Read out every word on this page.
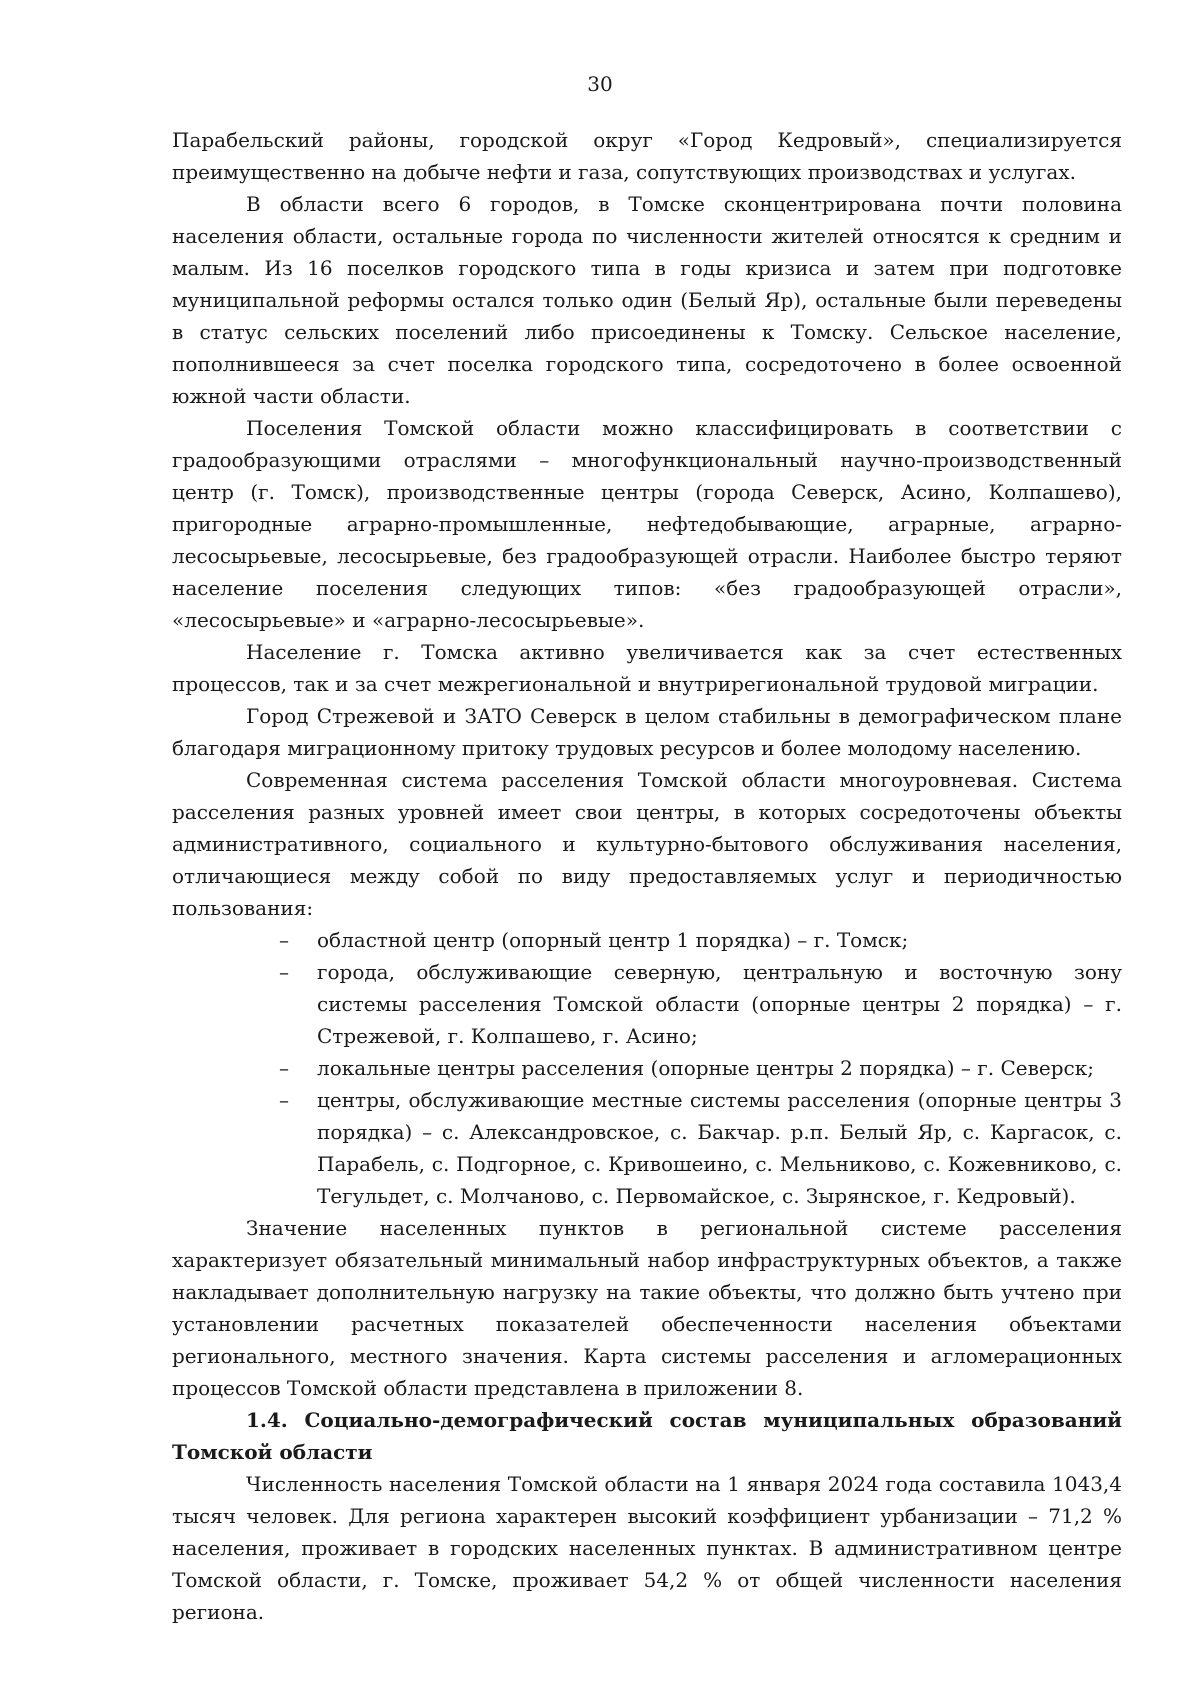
30

Парабельский районы, городской округ «Город Кедровый», специализируется преимущественно на добыче нефти и газа, сопутствующих производствах и услугах.

В области всего 6 городов, в Томске сконцентрирована почти половина населения области, остальные города по численности жителей относятся к средним и малым. Из 16 поселков городского типа в годы кризиса и затем при подготовке муниципальной реформы остался только один (Белый Яр), остальные были переведены в статус сельских поселений либо присоединены к Томску. Сельское население, пополнившееся за счет поселка городского типа, сосредоточено в более освоенной южной части области.

Поселения Томской области можно классифицировать в соответствии с градообразующими отраслями – многофункциональный научно-производственный центр (г. Томск), производственные центры (города Северск, Асино, Колпашево), пригородные аграрно-промышленные, нефтедобывающие, аграрные, аграрно-лесосырьевые, лесосырьевые, без градообразующей отрасли. Наиболее быстро теряют население поселения следующих типов: «без градообразующей отрасли», «лесосырьевые» и «аграрно-лесосырьевые».

Население г. Томска активно увеличивается как за счет естественных процессов, так и за счет межрегиональной и внутрирегиональной трудовой миграции.

Город Стрежевой и ЗАТО Северск в целом стабильны в демографическом плане благодаря миграционному притоку трудовых ресурсов и более молодому населению.

Современная система расселения Томской области многоуровневая. Система расселения разных уровней имеет свои центры, в которых сосредоточены объекты административного, социального и культурно-бытового обслуживания населения, отличающиеся между собой по виду предоставляемых услуг и периодичностью пользования:

– областной центр (опорный центр 1 порядка) – г. Томск;
– города, обслуживающие северную, центральную и восточную зону системы расселения Томской области (опорные центры 2 порядка) – г. Стрежевой, г. Колпашево, г. Асино;
– локальные центры расселения (опорные центры 2 порядка) – г. Северск;
– центры, обслуживающие местные системы расселения (опорные центры 3 порядка) – с. Александровское, с. Бакчар. р.п. Белый Яр, с. Каргасок, с. Парабель, с. Подгорное, с. Кривошеино, с. Мельниково, с. Кожевниково, с. Тегульдет, с. Молчаново, с. Первомайское, с. Зырянское, г. Кедровый).

Значение населенных пунктов в региональной системе расселения характеризует обязательный минимальный набор инфраструктурных объектов, а также накладывает дополнительную нагрузку на такие объекты, что должно быть учтено при установлении расчетных показателей обеспеченности населения объектами регионального, местного значения. Карта системы расселения и агломерационных процессов Томской области представлена в приложении 8.

1.4. Социально-демографический состав муниципальных образований Томской области

Численность населения Томской области на 1 января 2024 года составила 1043,4 тысяч человек. Для региона характерен высокий коэффициент урбанизации – 71,2 % населения, проживает в городских населенных пунктах. В административном центре Томской области, г. Томске, проживает 54,2 % от общей численности населения региона.
